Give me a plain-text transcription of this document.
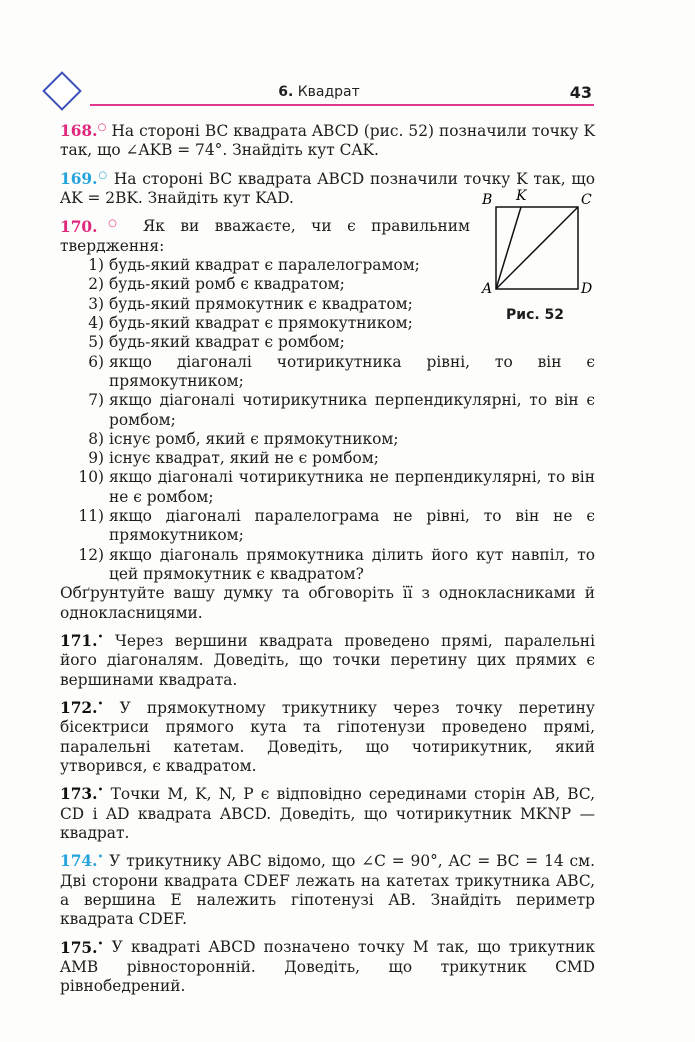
6. Квадрат	43
B K	C
A	D
Рис. 52
168.○ На стороні BC квадрата ABCD (рис. 52) позначили точку K так, що ∠AKB = 74°. Знайдіть кут CAK.
169.○ На стороні BC квадрата ABCD позначили точку K так, що AK = 2BK. Знайдіть кут KAD.
170.○ Як ви вважаєте, чи є правильним твердження:
1) будь-який квадрат є паралелограмом;
2) будь-який ромб є квадратом;
3) будь-який прямокутник є квадратом;
4) будь-який квадрат є прямокутником;
5) будь-який квадрат є ромбом;
6) якщо діагоналі чотирикутника рівні, то він є прямокутником;
7) якщо діагоналі чотирикутника перпендикулярні, то він є ромбом;
8) існує ромб, який є прямокутником;
9) існує квадрат, який не є ромбом;
10) якщо діагоналі чотирикутника не перпендикулярні, то він не є ромбом;
11) якщо діагоналі паралелограма не рівні, то він не є прямокутником;
12) якщо діагональ прямокутника ділить його кут навпіл, то цей прямокутник є квадратом?
Обґрунтуйте вашу думку та обговоріть її з однокласниками й однокласницями.
171.• Через вершини квадрата проведено прямі, паралельні його діагоналям. Доведіть, що точки перетину цих прямих є вершинами квадрата.
172.• У прямокутному трикутнику через точку перетину бісектриси прямого кута та гіпотенузи проведено прямі, паралельні катетам. Доведіть, що чотирикутник, який утворився, є квадратом.
173.• Точки M, K, N, P є відповідно серединами сторін AB, BC, CD і AD квадрата ABCD. Доведіть, що чотирикутник MKNP — квадрат.
174.• У трикутнику ABC відомо, що ∠C = 90°, AC = BC = 14 см. Дві сторони квадрата CDEF лежать на катетах трикутника ABC, а вершина E належить гіпотенузі AB. Знайдіть периметр квадрата CDEF.
175.• У квадраті ABCD позначено точку M так, що трикутник AMB рівносторонній. Доведіть, що трикутник CMD рівнобедрений.
